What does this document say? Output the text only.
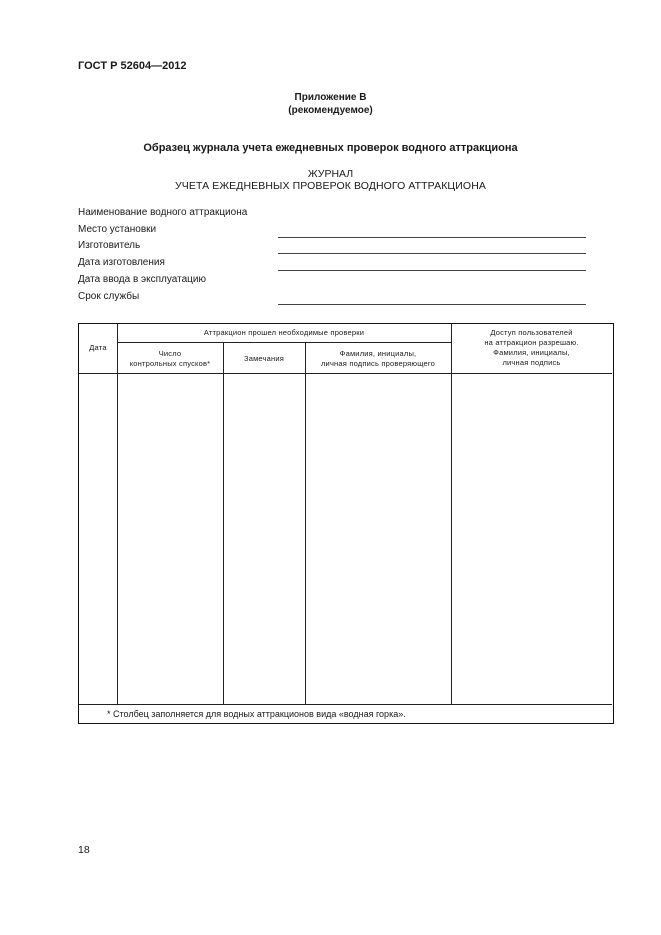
ГОСТ Р 52604—2012
Приложение В
(рекомендуемое)
Образец журнала учета ежедневных проверок водного аттракциона
ЖУРНАЛ
УЧЕТА ЕЖЕДНЕВНЫХ ПРОВЕРОК ВОДНОГО АТТРАКЦИОНА
Наименование водного аттракциона
Место установки
Изготовитель
Дата изготовления
Дата ввода в эксплуатацию
Срок службы
Дата
Аттракцион прошел необходимые проверки
Число
контрольных спусков*
Замечания
Фамилия, инициалы,
личная подпись проверяющего
Доступ пользователей
на аттракцион разрешаю.
Фамилия, инициалы,
личная подпись
* Столбец заполняется для водных аттракционов вида «водная горка».
18
